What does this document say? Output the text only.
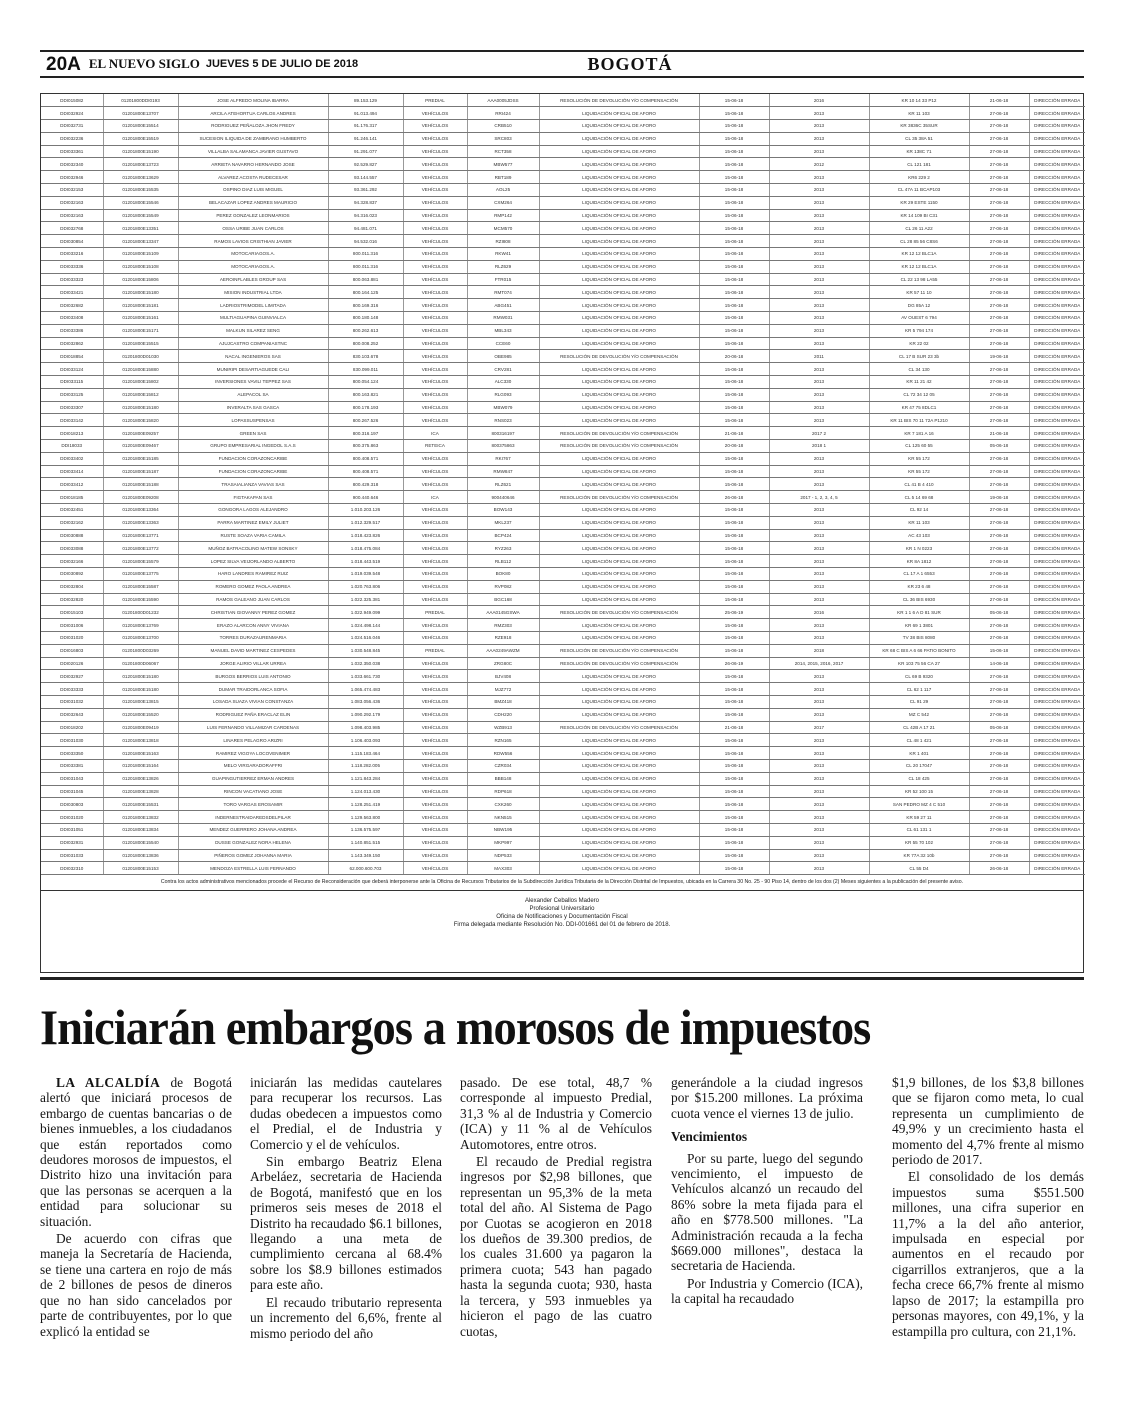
20A EL NUEVO SIGLO JUEVES 5 DE JULIO DE 2018	BOGOTÁ
DDI015082	01201800DDI0193	JOSE ALFREDO MOLINA IBARRA	89.153.129	PREDIAL	AAA0005JDSS	RESOLUCIÓN DE DEVOLUCIÓN Y/O COMPENSACIÓN	15-06-18	2016	KR 10 14 33 P12	21-06-18	DIRECCIÓN ERRADA
DDI032924	01201800E13707	ARCILA ATEHORTUA CARLOS ANDRES	91.013.494	VEHÍCULOS	RRI424	LIQUIDACIÓN OFICIAL DE AFORO	15-06-18	2013	KR 11 103	27-06-18	DIRECCIÓN ERRADA
DDI032731	01201800E15514	RODRIGUEZ PEÑALOZA JHON FREDY	91.176.317	VEHÍCULOS	CRB510	LIQUIDACIÓN OFICIAL DE AFORO	15-06-18	2013	KR 3836C 35SUR	27-06-18	DIRECCIÓN ERRADA
DDI032236	01201800E15519	SUCESION ILIQUIDA DE ZAMBRANO HUMBERTO	91.246.141	VEHÍCULOS	SRC803	LIQUIDACIÓN OFICIAL DE AFORO	15-06-18	2013	CL 35 38A 51	27-06-18	DIRECCIÓN ERRADA
DDI033361	01201800E15190	VILLALBA SALAMANCA JAVIER GUSTAVO	91.291.077	VEHÍCULOS	RCT358	LIQUIDACIÓN OFICIAL DE AFORO	15-06-18	2013	KR 138C 71	27-06-18	DIRECCIÓN ERRADA
DDI032340	01201800E13723	ARRIETA NAVARRO HERNANDO JOSE	92.529.827	VEHÍCULOS	MBW577	LIQUIDACIÓN OFICIAL DE AFORO	15-06-18	2012	CL 121 181	27-06-18	DIRECCIÓN ERRADA
DDI032946	01201800E13629	ALVAREZ ACOSTA RUDECESAR	93.144.557	VEHÍCULOS	RBT189	LIQUIDACIÓN OFICIAL DE AFORO	15-06-18	2013	KR6 229 2	27-06-18	DIRECCIÓN ERRADA
DDI032153	01201800E15535	OSPINO DIAZ LUIS MIGUEL	93.361.292	VEHÍCULOS	AOL25	LIQUIDACIÓN OFICIAL DE AFORO	15-06-18	2013	CL 47A 11 BCAP103	27-06-18	DIRECCIÓN ERRADA
DDI032163	01201800E15546	BELACAZAR LOPEZ ANDRES MAURICIO	94.328.837	VEHÍCULOS	CXM264	LIQUIDACIÓN OFICIAL DE AFORO	15-06-18	2013	KR 29 ESTE 1150	27-06-18	DIRECCIÓN ERRADA
DDI032163	01201800E15549	PEREZ GONZALEZ LEONMARIOS	94.316.023	VEHÍCULOS	RMP142	LIQUIDACIÓN OFICIAL DE AFORO	15-06-18	2013	KR 14 109 BI C31	27-06-18	DIRECCIÓN ERRADA
DDI032768	01201800E13351	OSSA URIBE JUAN CARLOS	94.481.071	VEHÍCULOS	MCM570	LIQUIDACIÓN OFICIAL DE AFORO	15-06-18	2013	CL 26 11 A22	27-06-18	DIRECCIÓN ERRADA
DDI030854	01201800E13347	RAMOS LAVIOS CRISTHIAN JAVIER	94.532.016	VEHÍCULOS	RZI808	LIQUIDACIÓN OFICIAL DE AFORO	15-06-18	2013	CL 28 85 56 C8S6	27-06-18	DIRECCIÓN ERRADA
DDI033216	01201800E15109	MOTOCARIAGOS.A.	800.011.316	VEHÍCULOS	RKW41	LIQUIDACIÓN OFICIAL DE AFORO	15-06-18	2013	KR 12 12 BLC1A	27-06-18	DIRECCIÓN ERRADA
DDI033336	01201800E15108	MOTOCARIAGOS.A.	800.011.316	VEHÍCULOS	RLZ629	LIQUIDACIÓN OFICIAL DE AFORO	15-06-18	2013	KR 12 12 BLC1A	27-06-18	DIRECCIÓN ERRADA
DDI033323	01201800E15806	AEROINFLABLES GROUP SAS	800.063.881	VEHÍCULOS	FTR015	LIQUIDACIÓN OFICIAL DE AFORO	15-06-18	2013	CL 22 13 98 LA55	27-06-18	DIRECCIÓN ERRADA
DDI033421	01201800E15180	MISION INDUSTRIAL LTDA	800.164.125	VEHÍCULOS	RMT074	LIQUIDACIÓN OFICIAL DE AFORO	15-06-18	2013	KR 57 11 10	27-06-18	DIRECCIÓN ERRADA
DDI032682	01201800E15181	LADRIOSTRIMODEL LIMITADA	800.169.316	VEHÍCULOS	ABG451	LIQUIDACIÓN OFICIAL DE AFORO	15-06-18	2013	DG 85A 12	27-06-18	DIRECCIÓN ERRADA
DDI033408	01201800E15161	MULTIAGUAPINA GUINVIALCA	800.180.148	VEHÍCULOS	RMW031	LIQUIDACIÓN OFICIAL DE AFORO	15-06-18	2013	AV OUEST 6 794	27-06-18	DIRECCIÓN ERRADA
DDI033386	01201800E15171	MALKUN SILAREZ SENG	800.262.613	VEHÍCULOS	MBL343	LIQUIDACIÓN OFICIAL DE AFORO	15-06-18	2013	KR 5 794 174	27-06-18	DIRECCIÓN ERRADA
DDI032862	01201800E15515	AJUJCASTRO COMPANIASTNC	800.008.252	VEHÍCULOS	CCE60	LIQUIDACIÓN OFICIAL DE AFORO	15-06-18	2013	KR 22 02	27-06-18	DIRECCIÓN ERRADA
DDI018854	01201800D01030	NACAL INGENIEROS SAS	830.103.678	VEHÍCULOS	OBE985	RESOLUCIÓN DE DEVOLUCIÓN Y/O COMPENSACIÓN	20-06-18	2011	CL 17 B SUR 23 3b	19-06-18	DIRECCIÓN ERRADA
DDI033124	01201800E15880	MUNIRIPI DESARTIAGUEDE CALI	830.099.011	VEHÍCULOS	CRV281	LIQUIDACIÓN OFICIAL DE AFORO	15-06-18	2013	CL 34 130	27-06-18	DIRECCIÓN ERRADA
DDI033115	01201800E15802	INVERSIONES VAVILI TEPPEZ SAS	800.054.124	VEHÍCULOS	ALC330	LIQUIDACIÓN OFICIAL DE AFORO	15-06-18	2013	KR 11 21 42	27-06-18	DIRECCIÓN ERRADA
DDI033125	01201800E15812	ALEPACOL SA	800.163.821	VEHÍCULOS	RLG093	LIQUIDACIÓN OFICIAL DE AFORO	15-06-18	2013	CL 72 34 12 05	27-06-18	DIRECCIÓN ERRADA
DDI033307	01201800E15180	INVERALTA SAS GASCA	800.178.193	VEHÍCULOS	MBW079	LIQUIDACIÓN OFICIAL DE AFORO	15-06-18	2013	KR 47 75 8DLC1	27-06-18	DIRECCIÓN ERRADA
DDI033142	01201800E15820	LOPASSUSPENSAS	800.267.526	VEHÍCULOS	RNS023	LIQUIDACIÓN OFICIAL DE AFORO	15-06-18	2013	KR 11 BIS 70 11 72A P1210	27-06-18	DIRECCIÓN ERRADA
DDI018213	01201800E09257	GREEN SAS	800.316.197	ICA	800316197	RESOLUCIÓN DE DEVOLUCIÓN Y/O COMPENSACIÓN	21-06-18	2017 2	KR 7 181 A 16	21-06-18	DIRECCIÓN ERRADA
DDI18033	01201800E09467	GRUPO EMPRESARIAL INGEDOL S.A.S	800.375.863	RETEICA	800375863	RESOLUCIÓN DE DEVOLUCIÓN Y/O COMPENSACIÓN	20-06-18	2018 1	CL 125 60 55	05-06-18	DIRECCIÓN ERRADA
DDI033402	01201800E15185	FUNDACION CORAZONCARIBE	800.408.571	VEHÍCULOS	RKI767	LIQUIDACIÓN OFICIAL DE AFORO	15-06-18	2013	KR 55 172	27-06-18	DIRECCIÓN ERRADA
DDI033414	01201800E15187	FUNDACION CORAZONCARIBE	800.408.571	VEHÍCULOS	RMW847	LIQUIDACIÓN OFICIAL DE AFORO	15-06-18	2013	KR 55 172	27-06-18	DIRECCIÓN ERRADA
DDI033412	01201800E15188	TRASAIALIANZA VAVIAS SAS	800.429.318	VEHÍCULOS	RLZ621	LIQUIDACIÓN OFICIAL DE AFORO	15-06-18	2013	CL 41 B 4 410	27-06-18	DIRECCIÓN ERRADA
DDI018185	01201800E09208	FIGTAKAPAN SAS	900.440.646	ICA	900440646	RESOLUCIÓN DE DEVOLUCIÓN Y/O COMPENSACIÓN	26-06-18	2017 - 1, 2, 3, 4, 5	CL 5 14 69 68	19-06-18	DIRECCIÓN ERRADA
DDI032451	01201800E13364	GONGORA LAGOS ALEJANDRO	1.010.203.126	VEHÍCULOS	BOW143	LIQUIDACIÓN OFICIAL DE AFORO	15-06-18	2013	CL 92 14	27-06-18	DIRECCIÓN ERRADA
DDI032162	01201800E13363	PARRA MARTINEZ EMILY JULIET	1.012.329.517	VEHÍCULOS	MKL237	LIQUIDACIÓN OFICIAL DE AFORO	15-06-18	2013	KR 11 103	27-06-18	DIRECCIÓN ERRADA
DDI030888	01201800E13771	RUSTE SOAZA VARIA CAMILA	1.018.423.826	VEHÍCULOS	BCP424	LIQUIDACIÓN OFICIAL DE AFORO	15-06-18	2013	AC 43 103	27-06-18	DIRECCIÓN ERRADA
DDI033088	01201800E13772	MUÑOZ BATRACOLINO MATEW SONSKY	1.018.475.084	VEHÍCULOS	RYZ263	LIQUIDACIÓN OFICIAL DE AFORO	15-06-18	2013	KR 1 N 0223	27-06-18	DIRECCIÓN ERRADA
DDI032166	01201800E15579	LOPEZ SILVA VEIJORLANDO ALBERTO	1.018.443.519	VEHÍCULOS	RLB112	LIQUIDACIÓN OFICIAL DE AFORO	15-06-18	2013	KR 8A 1812	27-06-18	DIRECCIÓN ERRADA
DDI030892	01201800E13775	HARO LANDRES RAMIREZ RUIZ	1.019.039.548	VEHÍCULOS	BOK80	LIQUIDACIÓN OFICIAL DE AFORO	15-06-18	2013	CL 17 A 1 6553	27-06-18	DIRECCIÓN ERRADA
DDI032804	01201800E15587	ROMERO GOMEZ PAOLA ANDREA	1.020.763.806	VEHÍCULOS	RVP082	LIQUIDACIÓN OFICIAL DE AFORO	15-06-18	2013	KR 23 6 48	27-06-18	DIRECCIÓN ERRADA
DDI032820	01201800E15590	RAMOS GALEANO JUAN CARLOS	1.022.325.381	VEHÍCULOS	BGC168	LIQUIDACIÓN OFICIAL DE AFORO	15-06-18	2013	CL 36 BIS 6930	27-06-18	DIRECCIÓN ERRADA
DDI015103	01201800D01232	CHRISTIAN GIOVANNY PEREZ GOMEZ	1.022.949.099	PREDIAL	AAA0145GSWA	RESOLUCIÓN DE DEVOLUCIÓN Y/O COMPENSACIÓN	25-06-19	2016	KR 1 1 6 A D 81 SUR	05-06-18	DIRECCIÓN ERRADA
DDI031006	01201800E13769	ERAZO ALARCON ANNY VIVIANA	1.024.498.144	VEHÍCULOS	RMZ303	LIQUIDACIÓN OFICIAL DE AFORO	15-06-18	2013	KR 69 1 3801	27-06-18	DIRECCIÓN ERRADA
DDI031020	01201800E13700	TORRES DURAZAURENMARIA	1.024.516.046	VEHÍCULOS	RZE918	LIQUIDACIÓN OFICIAL DE AFORO	15-06-18	2013	TV 38 BIS 8080	27-06-18	DIRECCIÓN ERRADA
DDI016803	01201800D03269	MANUEL DAVID MARTINEZ CESPEDES	1.030.548.845	PREDIAL	AAA0249AWZM	RESOLUCIÓN DE DEVOLUCIÓN Y/O COMPENSACIÓN	15-06-18	2018	KR 68 C BIS A 6 66 PATIO BONITO	15-06-18	DIRECCIÓN ERRADA
DDI020126	01201800D06067	JORGE ALIRIO VILLAR URREA	1.032.350.038	VEHÍCULOS	ZRG80C	RESOLUCIÓN DE DEVOLUCIÓN Y/O COMPENSACIÓN	26-06-19	2014, 2015, 2016, 2017	KR 103 75 56 CA 27	14-06-18	DIRECCIÓN ERRADA
DDI032927	01201800E15180	BURGOS BERRIOS LUIS ANTONIO	1.033.661.730	VEHÍCULOS	BJV408	LIQUIDACIÓN OFICIAL DE AFORO	15-06-18	2013	CL 69 B 9320	27-06-18	DIRECCIÓN ERRADA
DDI033333	01201800E15180	DUMAR TRAIDORLANCA SOFIA	1.065.474.483	VEHÍCULOS	MJZ772	LIQUIDACIÓN OFICIAL DE AFORO	15-06-18	2013	CL 62 1 117	27-06-18	DIRECCIÓN ERRADA
DDI031032	01201800E13815	LOSADA SUAZA VIVIAN CONSTANZA	1.083.056.436	VEHÍCULOS	BMZ418	LIQUIDACIÓN OFICIAL DE AFORO	15-06-18	2013	CL 91 29	27-06-18	DIRECCIÓN ERRADA
DDI032643	01201800E15520	RODRIGUEZ PAÑA ERACLAZ ELIN	1.090.292.179	VEHÍCULOS	CDH220	LIQUIDACIÓN OFICIAL DE AFORO	15-06-18	2013	MZ C 542	27-06-18	DIRECCIÓN ERRADA
DDI018202	01201800E09419	LUIS FERNANDO VILLAMIZAR CARDENAS	1.098.403.985	VEHÍCULOS	WZB913	RESOLUCIÓN DE DEVOLUCIÓN Y/O COMPENSACIÓN	21-06-18	2017	CL 42B A 17 21	05-06-18	DIRECCIÓN ERRADA
DDI031030	01201800E13818	LINARES PELAGRO ARIZRI	1.106.403.093	VEHÍCULOS	RZN165	LIQUIDACIÓN OFICIAL DE AFORO	15-06-18	2013	CL 48 1 421	27-06-18	DIRECCIÓN ERRADA
DDI033350	01201800E15163	RAMIREZ VIGOYA LOCOVENIMER	1.115.183.464	VEHÍCULOS	RDW556	LIQUIDACIÓN OFICIAL DE AFORO	15-06-18	2013	KR 1 401	27-06-18	DIRECCIÓN ERRADA
DDI033381	01201800E15164	MELO VIRGARADORAFFRI	1.118.282.005	VEHÍCULOS	CZR034	LIQUIDACIÓN OFICIAL DE AFORO	15-06-18	2013	CL 20 17047	27-06-18	DIRECCIÓN ERRADA
DDI031043	01201800E13826	GUAPINGUTIERREZ ERMAN ANDRES	1.121.843.284	VEHÍCULOS	BBB148	LIQUIDACIÓN OFICIAL DE AFORO	15-06-18	2013	CL 18 425	27-06-18	DIRECCIÓN ERRADA
DDI031045	01201800E13828	RINCON VACATIANO JOSE	1.124.013.430	VEHÍCULOS	RDP618	LIQUIDACIÓN OFICIAL DE AFORO	15-06-18	2013	KR 52 100 15	27-06-18	DIRECCIÓN ERRADA
DDI030803	01201800E15531	TORO VARGAS EROSAMIR	1.128.251.419	VEHÍCULOS	CXK260	LIQUIDACIÓN OFICIAL DE AFORO	15-06-18	2013	SAN PEDRO MZ 4 C 510	27-06-18	DIRECCIÓN ERRADA
DDI031020	01201800E13832	INDERNESTRAIDAREDSDELPILAR	1.129.563.800	VEHÍCULOS	NKN515	LIQUIDACIÓN OFICIAL DE AFORO	15-06-18	2013	KR 59 27 11	27-06-18	DIRECCIÓN ERRADA
DDI031051	01201800E13834	MENDEZ GUERRERO JOHANA ANDREA	1.136.575.597	VEHÍCULOS	NBW195	LIQUIDACIÓN OFICIAL DE AFORO	15-06-18	2013	CL 61 131 1	27-06-18	DIRECCIÓN ERRADA
DDI032931	01201800E15540	DUSSE GONZALEZ NORA HELENA	1.140.851.515	VEHÍCULOS	MKP997	LIQUIDACIÓN OFICIAL DE AFORO	15-06-18	2013	KR 55 70 102	27-06-18	DIRECCIÓN ERRADA
DDI031033	01201800E13836	PIÑEROS GOMEZ JOHANNA MARIA	1.143.349.150	VEHÍCULOS	NDP533	LIQUIDACIÓN OFICIAL DE AFORO	15-06-18	2013	KR 77A 32 10b	27-06-18	DIRECCIÓN ERRADA
DDI032310	01201800E15153	MENDOZA ESTRELLA LUIS FERNANDO	62.000.600.703	VEHÍCULOS	MAX303	LIQUIDACIÓN OFICIAL DE AFORO	15-06-18	2013	CL 55 D4	26-06-18	DIRECCIÓN ERRADA
Contra los actos administrativos mencionados procede el Recurso de Reconsideración que deberá interponerse ante la Oficina de Recursos Tributarios de la Subdirección Jurídica Tributaria de la Dirección Distrital de Impuestos, ubicada en la Carrera 30 No. 25 - 90 Piso 14, dentro de los dos (2) Meses siguientes a la publicación del presente aviso.
Alexander Ceballos Madero
Profesional Universitario
Oficina de Notificaciones y Documentación Fiscal
Firma delegada mediante Resolución No. DDI-001661 del 01 de febrero de 2018.
Iniciarán embargos a morosos de impuestos

LA ALCALDÍA de Bogotá alertó que iniciará procesos de embargo de cuentas bancarias o de bienes inmuebles, a los ciudadanos que están reportados como deudores morosos de impuestos, el Distrito hizo una invitación para que las personas se acerquen a la entidad para solucionar su situación.

De acuerdo con cifras que maneja la Secretaría de Hacienda, se tiene una cartera en rojo de más de 2 billones de pesos de dineros que no han sido cancelados por parte de contribuyentes, por lo que explicó la entidad se

iniciarán las medidas cautelares para recuperar los recursos. Las dudas obedecen a impuestos como el Predial, el de Industria y Comercio y el de vehículos.

Sin embargo Beatriz Elena Arbeláez, secretaria de Hacienda de Bogotá, manifestó que en los primeros seis meses de 2018 el Distrito ha recaudado $6.1 billones, llegando a una meta de cumplimiento cercana al 68.4% sobre los $8.9 billones estimados para este año.

El recaudo tributario representa un incremento del 6,6%, frente al mismo periodo del año

pasado. De ese total, 48,7 % corresponde al impuesto Predial, 31,3 % al de Industria y Comercio (ICA) y 11 % al de Vehículos Automotores, entre otros.

El recaudo de Predial registra ingresos por $2,98 billones, que representan un 95,3% de la meta total del año. Al Sistema de Pago por Cuotas se acogieron en 2018 los dueños de 39.300 predios, de los cuales 31.600 ya pagaron la primera cuota; 543 han pagado hasta la segunda cuota; 930, hasta la tercera, y 593 inmuebles ya hicieron el pago de las cuatro cuotas,

generándole a la ciudad ingresos por $15.200 millones. La próxima cuota vence el viernes 13 de julio.

Vencimientos

Por su parte, luego del segundo vencimiento, el impuesto de Vehículos alcanzó un recaudo del 86% sobre la meta fijada para el año en $778.500 millones. "La Administración recauda a la fecha $669.000 millones", destaca la secretaria de Hacienda.

Por Industria y Comercio (ICA), la capital ha recaudado

$1,9 billones, de los $3,8 billones que se fijaron como meta, lo cual representa un cumplimiento de 49,9% y un crecimiento hasta el momento del 4,7% frente al mismo periodo de 2017.

El consolidado de los demás impuestos suma $551.500 millones, una cifra superior en 11,7% a la del año anterior, impulsada en especial por aumentos en el recaudo por cigarrillos extranjeros, que a la fecha crece 66,7% frente al mismo lapso de 2017; la estampilla pro personas mayores, con 49,1%, y la estampilla pro cultura, con 21,1%.
